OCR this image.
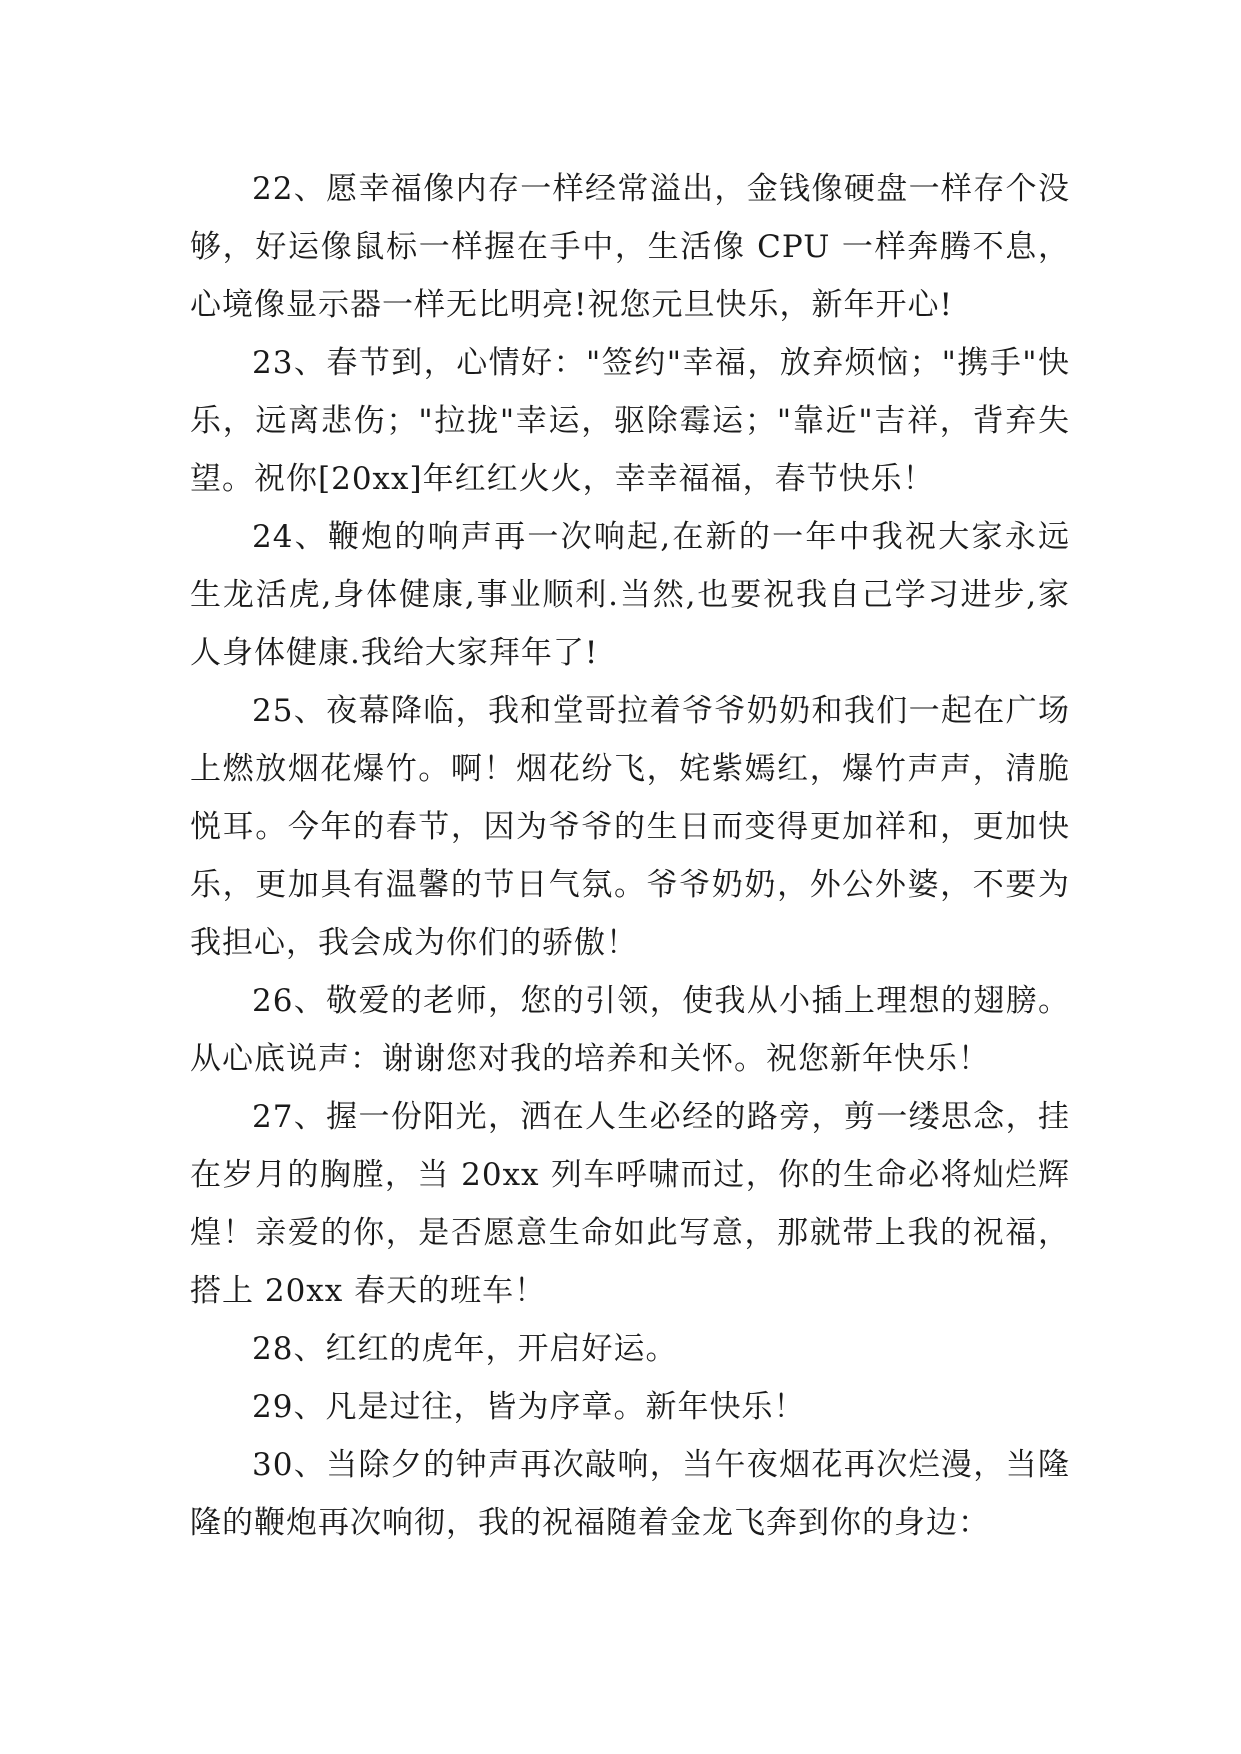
22、愿幸福像内存一样经常溢出，金钱像硬盘一样存个没够，好运像鼠标一样握在手中，生活像 CPU 一样奔腾不息，心境像显示器一样无比明亮!祝您元旦快乐，新年开心!

23、春节到，心情好："签约"幸福，放弃烦恼；"携手"快乐，远离悲伤；"拉拢"幸运，驱除霉运；"靠近"吉祥，背弃失望。祝你[20xx]年红红火火，幸幸福福，春节快乐！

24、鞭炮的响声再一次响起,在新的一年中我祝大家永远生龙活虎,身体健康,事业顺利.当然,也要祝我自己学习进步,家人身体健康.我给大家拜年了!

25、夜幕降临，我和堂哥拉着爷爷奶奶和我们一起在广场上燃放烟花爆竹。啊！烟花纷飞，姹紫嫣红，爆竹声声，清脆悦耳。今年的春节，因为爷爷的生日而变得更加祥和，更加快乐，更加具有温馨的节日气氛。爷爷奶奶，外公外婆，不要为我担心，我会成为你们的骄傲！

26、敬爱的老师，您的引领，使我从小插上理想的翅膀。从心底说声：谢谢您对我的培养和关怀。祝您新年快乐！

27、握一份阳光，洒在人生必经的路旁，剪一缕思念，挂在岁月的胸膛，当 20xx 列车呼啸而过，你的生命必将灿烂辉煌！亲爱的你，是否愿意生命如此写意，那就带上我的祝福，搭上 20xx 春天的班车！

28、红红的虎年，开启好运。

29、凡是过往，皆为序章。新年快乐！

30、当除夕的钟声再次敲响，当午夜烟花再次烂漫，当隆隆的鞭炮再次响彻，我的祝福随着金龙飞奔到你的身边：
